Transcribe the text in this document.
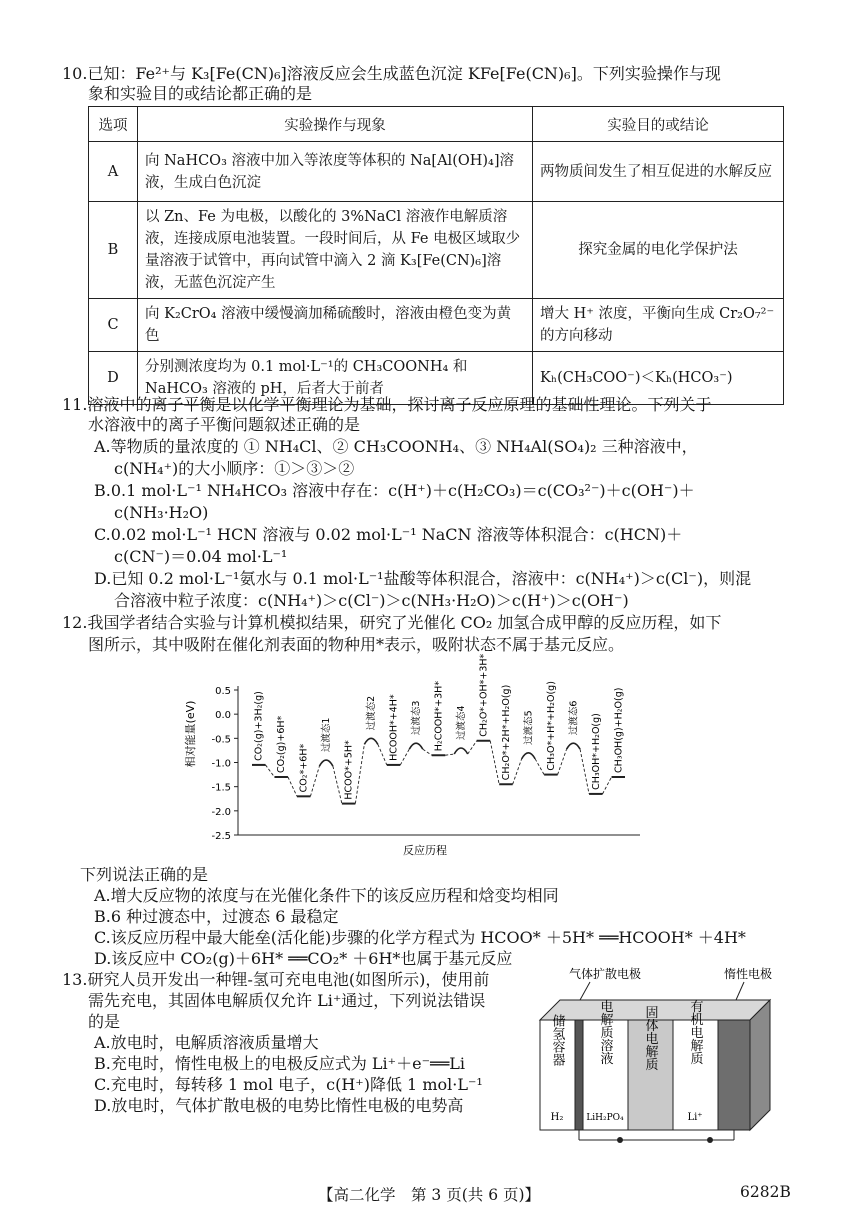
10.已知：Fe²⁺与 K₃[Fe(CN)₆]溶液反应会生成蓝色沉淀 KFe[Fe(CN)₆]。下列实验操作与现
象和实验目的或结论都正确的是
选项	实验操作与现象	实验目的或结论
A	向 NaHCO₃ 溶液中加入等浓度等体积的 Na[Al(OH)₄]溶液，生成白色沉淀	两物质间发生了相互促进的水解反应
B	以 Zn、Fe 为电极，以酸化的 3%NaCl 溶液作电解质溶液，连接成原电池装置。一段时间后，从 Fe 电极区域取少量溶液于试管中，再向试管中滴入 2 滴 K₃[Fe(CN)₆]溶液，无蓝色沉淀产生	探究金属的电化学保护法
C	向 K₂CrO₄ 溶液中缓慢滴加稀硫酸时，溶液由橙色变为黄色	增大 H⁺ 浓度，平衡向生成 Cr₂O₇²⁻ 的方向移动
D	分别测浓度均为 0.1 mol·L⁻¹的 CH₃COONH₄ 和 NaHCO₃ 溶液的 pH，后者大于前者	Kₕ(CH₃COO⁻)＜Kₕ(HCO₃⁻)
11.溶液中的离子平衡是以化学平衡理论为基础，探讨离子反应原理的基础性理论。下列关于
水溶液中的离子平衡问题叙述正确的是
A.等物质的量浓度的 ① NH₄Cl、② CH₃COONH₄、③ NH₄Al(SO₄)₂ 三种溶液中，
c(NH₄⁺)的大小顺序：①＞③＞②
B.0.1 mol·L⁻¹ NH₄HCO₃ 溶液中存在：c(H⁺)＋c(H₂CO₃)＝c(CO₃²⁻)＋c(OH⁻)＋
c(NH₃·H₂O)
C.0.02 mol·L⁻¹ HCN 溶液与 0.02 mol·L⁻¹ NaCN 溶液等体积混合：c(HCN)＋
c(CN⁻)＝0.04 mol·L⁻¹
D.已知 0.2 mol·L⁻¹氨水与 0.1 mol·L⁻¹盐酸等体积混合，溶液中：c(NH₄⁺)＞c(Cl⁻)，则混
合溶液中粒子浓度：c(NH₄⁺)＞c(Cl⁻)＞c(NH₃·H₂O)＞c(H⁺)＞c(OH⁻)
12.我国学者结合实验与计算机模拟结果，研究了光催化 CO₂ 加氢合成甲醇的反应历程，如下
图所示，其中吸附在催化剂表面的物种用*表示，吸附状态不属于基元反应。
0.5
0.0
-0.5
-1.0
-1.5
-2.0
-2.5
CO₂(g)+3H₂(g) CO₂(g)+6H* CO₂*+6H*
过渡态1
HCOO*+5H*
过渡态2 HCOOH*+4H* 过渡态3 H₂COOH*+3H* 过渡态4 CH₂O*+OH*+3H* CH₂O*+2H*+H₂O(g) 过渡态5 CH₃O*+H*+H₂O(g) 过渡态6 CH₃OH*+H₂O(g) CH₃OH(g)+H₂O(g)
相对能量(eV)
反应历程
下列说法正确的是
A.增大反应物的浓度与在光催化条件下的该反应历程和焓变均相同
B.6 种过渡态中，过渡态 6 最稳定
C.该反应历程中最大能垒(活化能)步骤的化学方程式为 HCOO* ＋5H* ══HCOOH* ＋4H*
D.该反应中 CO₂(g)＋6H* ══CO₂* ＋6H*也属于基元反应
13.研究人员开发出一种锂-氢可充电电池(如图所示)，使用前
需先充电，其固体电解质仅允许 Li⁺通过，下列说法错误
的是
A.放电时，电解质溶液质量增大
B.充电时，惰性电极上的电极反应式为 Li⁺＋e⁻══Li
C.充电时，每转移 1 mol 电子，c(H⁺)降低 1 mol·L⁻¹
D.放电时，气体扩散电极的电势比惰性电极的电势高
气体扩散电极	惰性电极
储氢容器
H₂
电解质溶液
LiH₂PO₄
固体电解质 有机电解质
Li⁺
【高二化学　第 3 页(共 6 页)】	6282B
